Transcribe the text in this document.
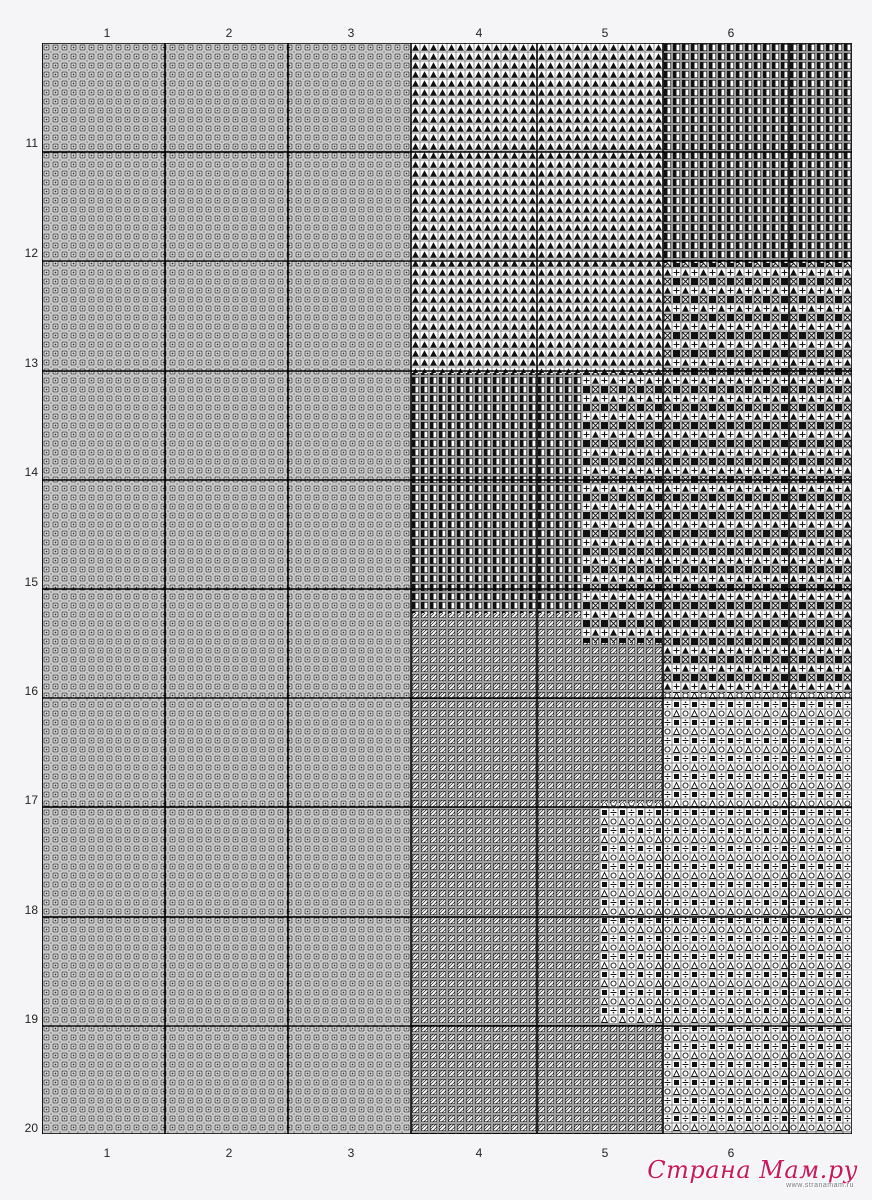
1	2	3	4	5	6
11
12
13
14
15
16
17
18
19
20
1	2	3	4	5	6
Страна Мам.ру
www.stranamam.ru
